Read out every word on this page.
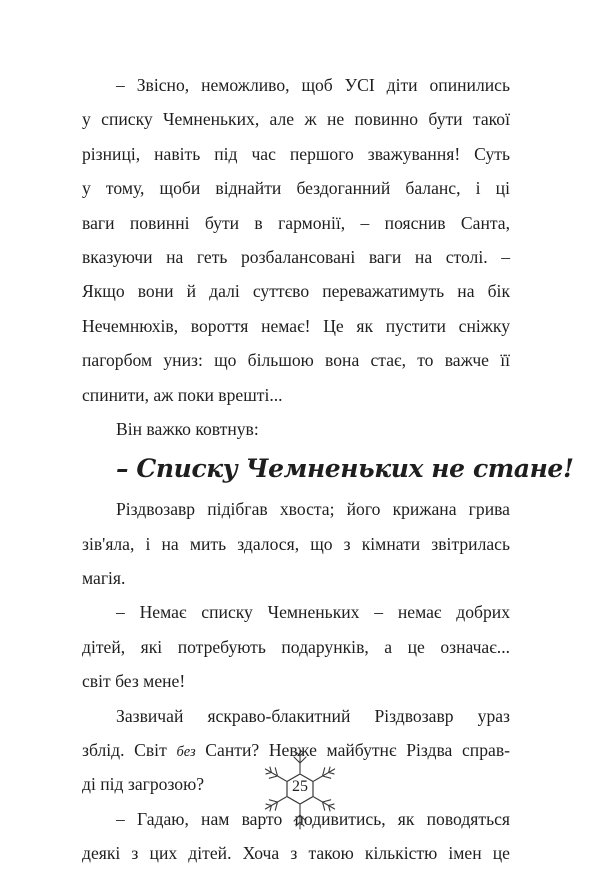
– Звісно, неможливо, щоб УСІ діти опинились
у списку Чемненьких, але ж не повинно бути такої
різниці, навіть під час першого зважування! Суть
у тому, щоби віднайти бездоганний баланс, і ці
ваги повинні бути в гармонії, – пояснив Санта,
вказуючи на геть розбалансовані ваги на столі. –
Якщо вони й далі суттєво переважатимуть на бік
Нечемнюхів, вороття немає! Це як пустити сніжку
пагорбом униз: що більшою вона стає, то важче її
спинити, аж поки врешті...
Він важко ковтнув:
– Списку Чемненьких не стане!
Різдвозавр підібгав хвоста; його крижана грива
зів'яла, і на мить здалося, що з кімнати звітрилась
магія.
– Немає списку Чемненьких – немає добрих
дітей, які потребують подарунків, а це означає...
світ без мене!
Зазвичай яскраво-блакитний Різдвозавр ураз
зблід. Світ без Санти? Невже майбутнє Різдва справ-
ді під загрозою?
– Гадаю, нам варто подивитись, як поводяться
деякі з цих дітей. Хоча з такою кількістю імен це
25
